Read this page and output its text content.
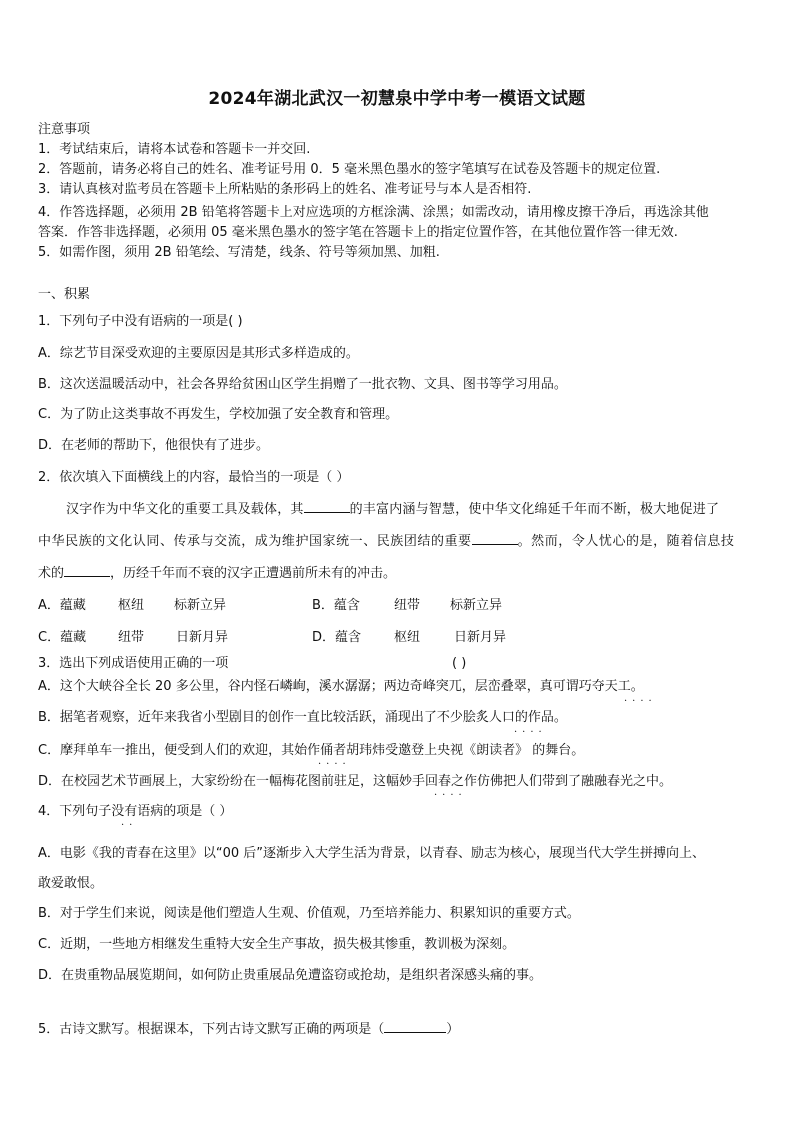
2024年湖北武汉一初慧泉中学中考一模语文试题
注意事项
1．考试结束后，请将本试卷和答题卡一并交回.
2．答题前，请务必将自己的姓名、准考证号用 0．5 毫米黑色墨水的签字笔填写在试卷及答题卡的规定位置.
3．请认真核对监考员在答题卡上所粘贴的条形码上的姓名、准考证号与本人是否相符.
4．作答选择题，必须用 2B 铅笔将答题卡上对应选项的方框涂满、涂黑；如需改动，请用橡皮擦干净后，再选涂其他
答案．作答非选择题，必须用 05 毫米黑色墨水的签字笔在答题卡上的指定位置作答，在其他位置作答一律无效.
5．如需作图，须用 2B 铅笔绘、写清楚，线条、符号等须加黑、加粗.
一、积累
1．下列句子中没有语病的一项是( )
A．综艺节目深受欢迎的主要原因是其形式多样造成的。
B．这次送温暖活动中，社会各界给贫困山区学生捐赠了一批衣物、文具、图书等学习用品。
C．为了防止这类事故不再发生，学校加强了安全教育和管理。
D．在老师的帮助下，他很快有了进步。
2．依次填入下面横线上的内容，最恰当的一项是（ ）
汉字作为中华文化的重要工具及载体，其	的丰富内涵与智慧，使中华文化绵延千年而不断，极大地促进了
中华民族的文化认同、传承与交流，成为维护国家统一、民族团结的重要	。然而，令人忧心的是，随着信息技
术的	，历经千年而不衰的汉字正遭遇前所未有的冲击。
A．蕴藏 枢纽 标新立异	B．蕴含	纽带 标新立异
C．蕴藏 纽带 日新月异	D．蕴含	枢纽	日新月异
3．选出下列成语使用正确的一项	( )
A．这个大峡谷全长 20 多公里，谷内怪石嶙峋，溪水潺潺；两边奇峰突兀，层峦叠翠，真可谓巧夺天工。
····
B．据笔者观察，近年来我省小型剧目的创作一直比较活跃，涌现出了不少脍炙人口的作品。
····
C．摩拜单车一推出，便受到人们的欢迎，其始作俑者胡玮炜受邀登上央视《朗读者》 的舞台。
····
D．在校园艺术节画展上，大家纷纷在一幅梅花图前驻足，这幅妙手回春之作仿佛把人们带到了融融春光之中。
····
4．下列句子没有语病的项是（ ）
··
A．电影《我的青春在这里》以“00 后”逐渐步入大学生活为背景，以青春、励志为核心，展现当代大学生拼搏向上、
敢爱敢恨。
B．对于学生们来说，阅读是他们塑造人生观、价值观，乃至培养能力、积累知识的重要方式。
C．近期，一些地方相继发生重特大安全生产事故，损失极其惨重，教训极为深刻。
D．在贵重物品展览期间，如何防止贵重展品免遭盗窃或抢劫，是组织者深感头痛的事。
5．古诗文默写。根据课本，下列古诗文默写正确的两项是（	）
